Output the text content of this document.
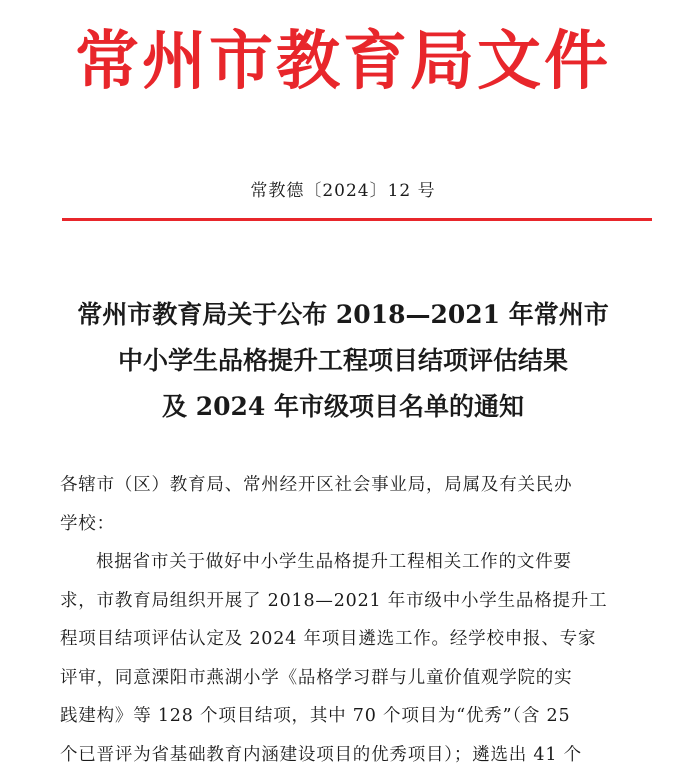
常州市教育局文件
常教德〔2024〕12 号
常州市教育局关于公布 2018—2021 年常州市
中小学生品格提升工程项目结项评估结果
及 2024 年市级项目名单的通知
各辖市（区）教育局、常州经开区社会事业局，局属及有关民办
学校：
根据省市关于做好中小学生品格提升工程相关工作的文件要
求，市教育局组织开展了 2018—2021 年市级中小学生品格提升工
程项目结项评估认定及 2024 年项目遴选工作。经学校申报、专家
评审，同意溧阳市燕湖小学《品格学习群与儿童价值观学院的实
践建构》等 128 个项目结项，其中 70 个项目为“优秀”（含 25
个已晋评为省基础教育内涵建设项目的优秀项目）；遴选出 41 个
